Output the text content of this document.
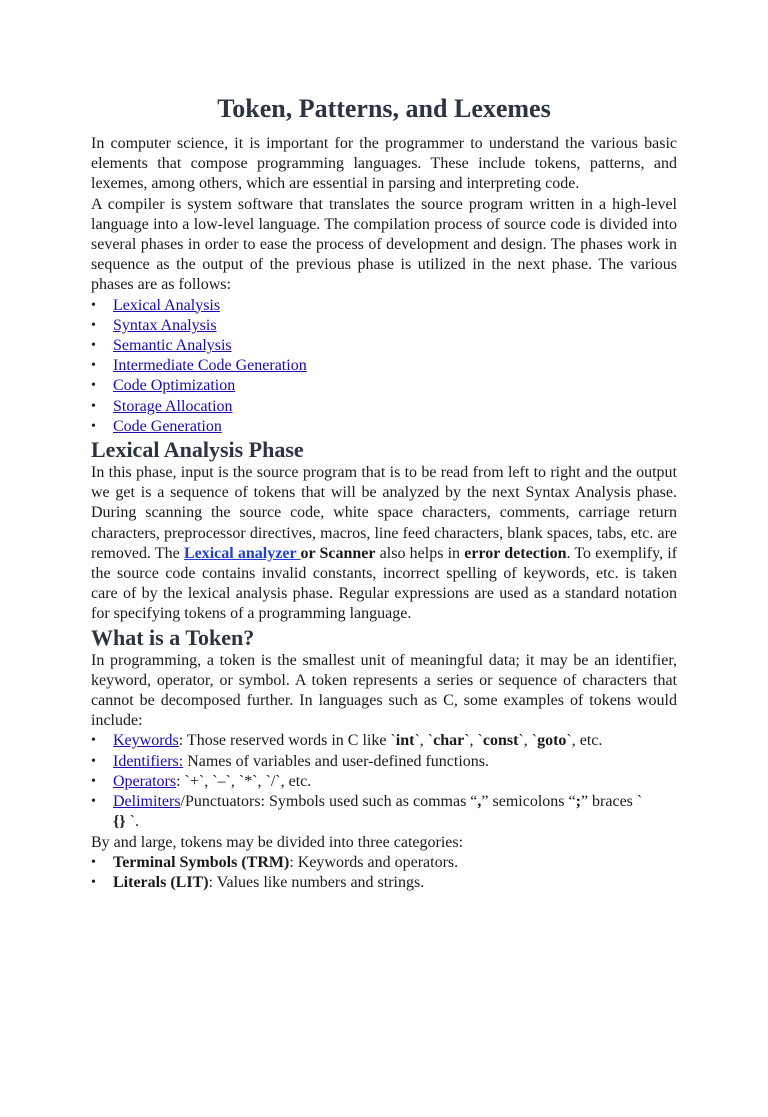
Token, Patterns, and Lexemes

In computer science, it is important for the programmer to understand the various basic elements that compose programming languages. These include tokens, patterns, and lexemes, among others, which are essential in parsing and interpreting code.

A compiler is system software that translates the source program written in a high-level language into a low-level language. The compilation process of source code is divided into several phases in order to ease the process of development and design. The phases work in sequence as the output of the previous phase is utilized in the next phase. The various phases are as follows:

• Lexical Analysis
• Syntax Analysis
• Semantic Analysis
• Intermediate Code Generation
• Code Optimization
• Storage Allocation
• Code Generation
Lexical Analysis Phase

In this phase, input is the source program that is to be read from left to right and the output we get is a sequence of tokens that will be analyzed by the next Syntax Analysis phase. During scanning the source code, white space characters, comments, carriage return characters, preprocessor directives, macros, line feed characters, blank spaces, tabs, etc. are removed. The Lexical analyzer or Scanner also helps in error detection. To exemplify, if the source code contains invalid constants, incorrect spelling of keywords, etc. is taken care of by the lexical analysis phase. Regular expressions are used as a standard notation for specifying tokens of a programming language.

What is a Token?

In programming, a token is the smallest unit of meaningful data; it may be an identifier, keyword, operator, or symbol. A token represents a series or sequence of characters that cannot be decomposed further. In languages such as C, some examples of tokens would include:

• Keywords: Those reserved words in C like `int`, `char`, `const`, `goto`, etc.
• Identifiers: Names of variables and user-defined functions.
• Operators: `+`, `–`, `*`, `/`, etc.
• Delimiters/Punctuators: Symbols used such as commas “,” semicolons “;” braces `
{} `.

By and large, tokens may be divided into three categories:

• Terminal Symbols (TRM): Keywords and operators.
• Literals (LIT): Values like numbers and strings.
